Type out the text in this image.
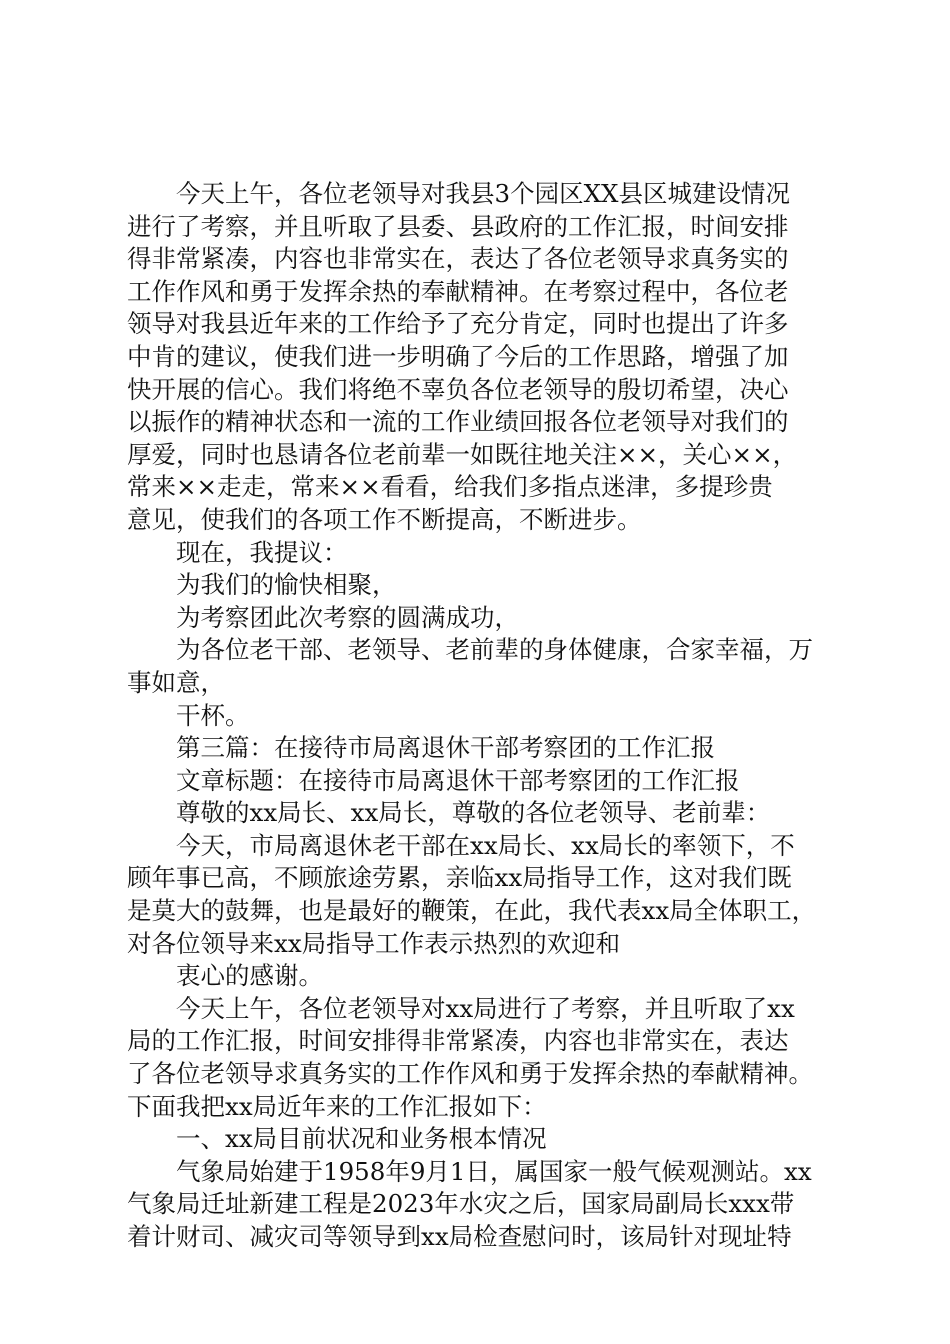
今天上午，各位老领导对我县3个园区XX县区城建设情况
进行了考察，并且听取了县委、县政府的工作汇报，时间安排
得非常紧凑，内容也非常实在，表达了各位老领导求真务实的
工作作风和勇于发挥余热的奉献精神。在考察过程中，各位老
领导对我县近年来的工作给予了充分肯定，同时也提出了许多
中肯的建议，使我们进一步明确了今后的工作思路，增强了加
快开展的信心。我们将绝不辜负各位老领导的殷切希望，决心
以振作的精神状态和一流的工作业绩回报各位老领导对我们的
厚爱，同时也恳请各位老前辈一如既往地关注××，关心××，
常来××走走，常来××看看，给我们多指点迷津，多提珍贵
意见，使我们的各项工作不断提高，不断进步。
现在，我提议：
为我们的愉快相聚，
为考察团此次考察的圆满成功，
为各位老干部、老领导、老前辈的身体健康，合家幸福，万
事如意，
干杯。
第三篇：在接待市局离退休干部考察团的工作汇报
文章标题：在接待市局离退休干部考察团的工作汇报
尊敬的xx局长、xx局长，尊敬的各位老领导、老前辈：
今天，市局离退休老干部在xx局长、xx局长的率领下，不
顾年事已高，不顾旅途劳累，亲临xx局指导工作，这对我们既
是莫大的鼓舞，也是最好的鞭策，在此，我代表xx局全体职工，
对各位领导来xx局指导工作表示热烈的欢迎和
衷心的感谢。
今天上午，各位老领导对xx局进行了考察，并且听取了xx
局的工作汇报，时间安排得非常紧凑，内容也非常实在，表达
了各位老领导求真务实的工作作风和勇于发挥余热的奉献精神。
下面我把xx局近年来的工作汇报如下：
一、xx局目前状况和业务根本情况
气象局始建于1958年9月1日，属国家一般气候观测站。xx
气象局迁址新建工程是2023年水灾之后，国家局副局长xxx带
着计财司、减灾司等领导到xx局检查慰问时，该局针对现址特
